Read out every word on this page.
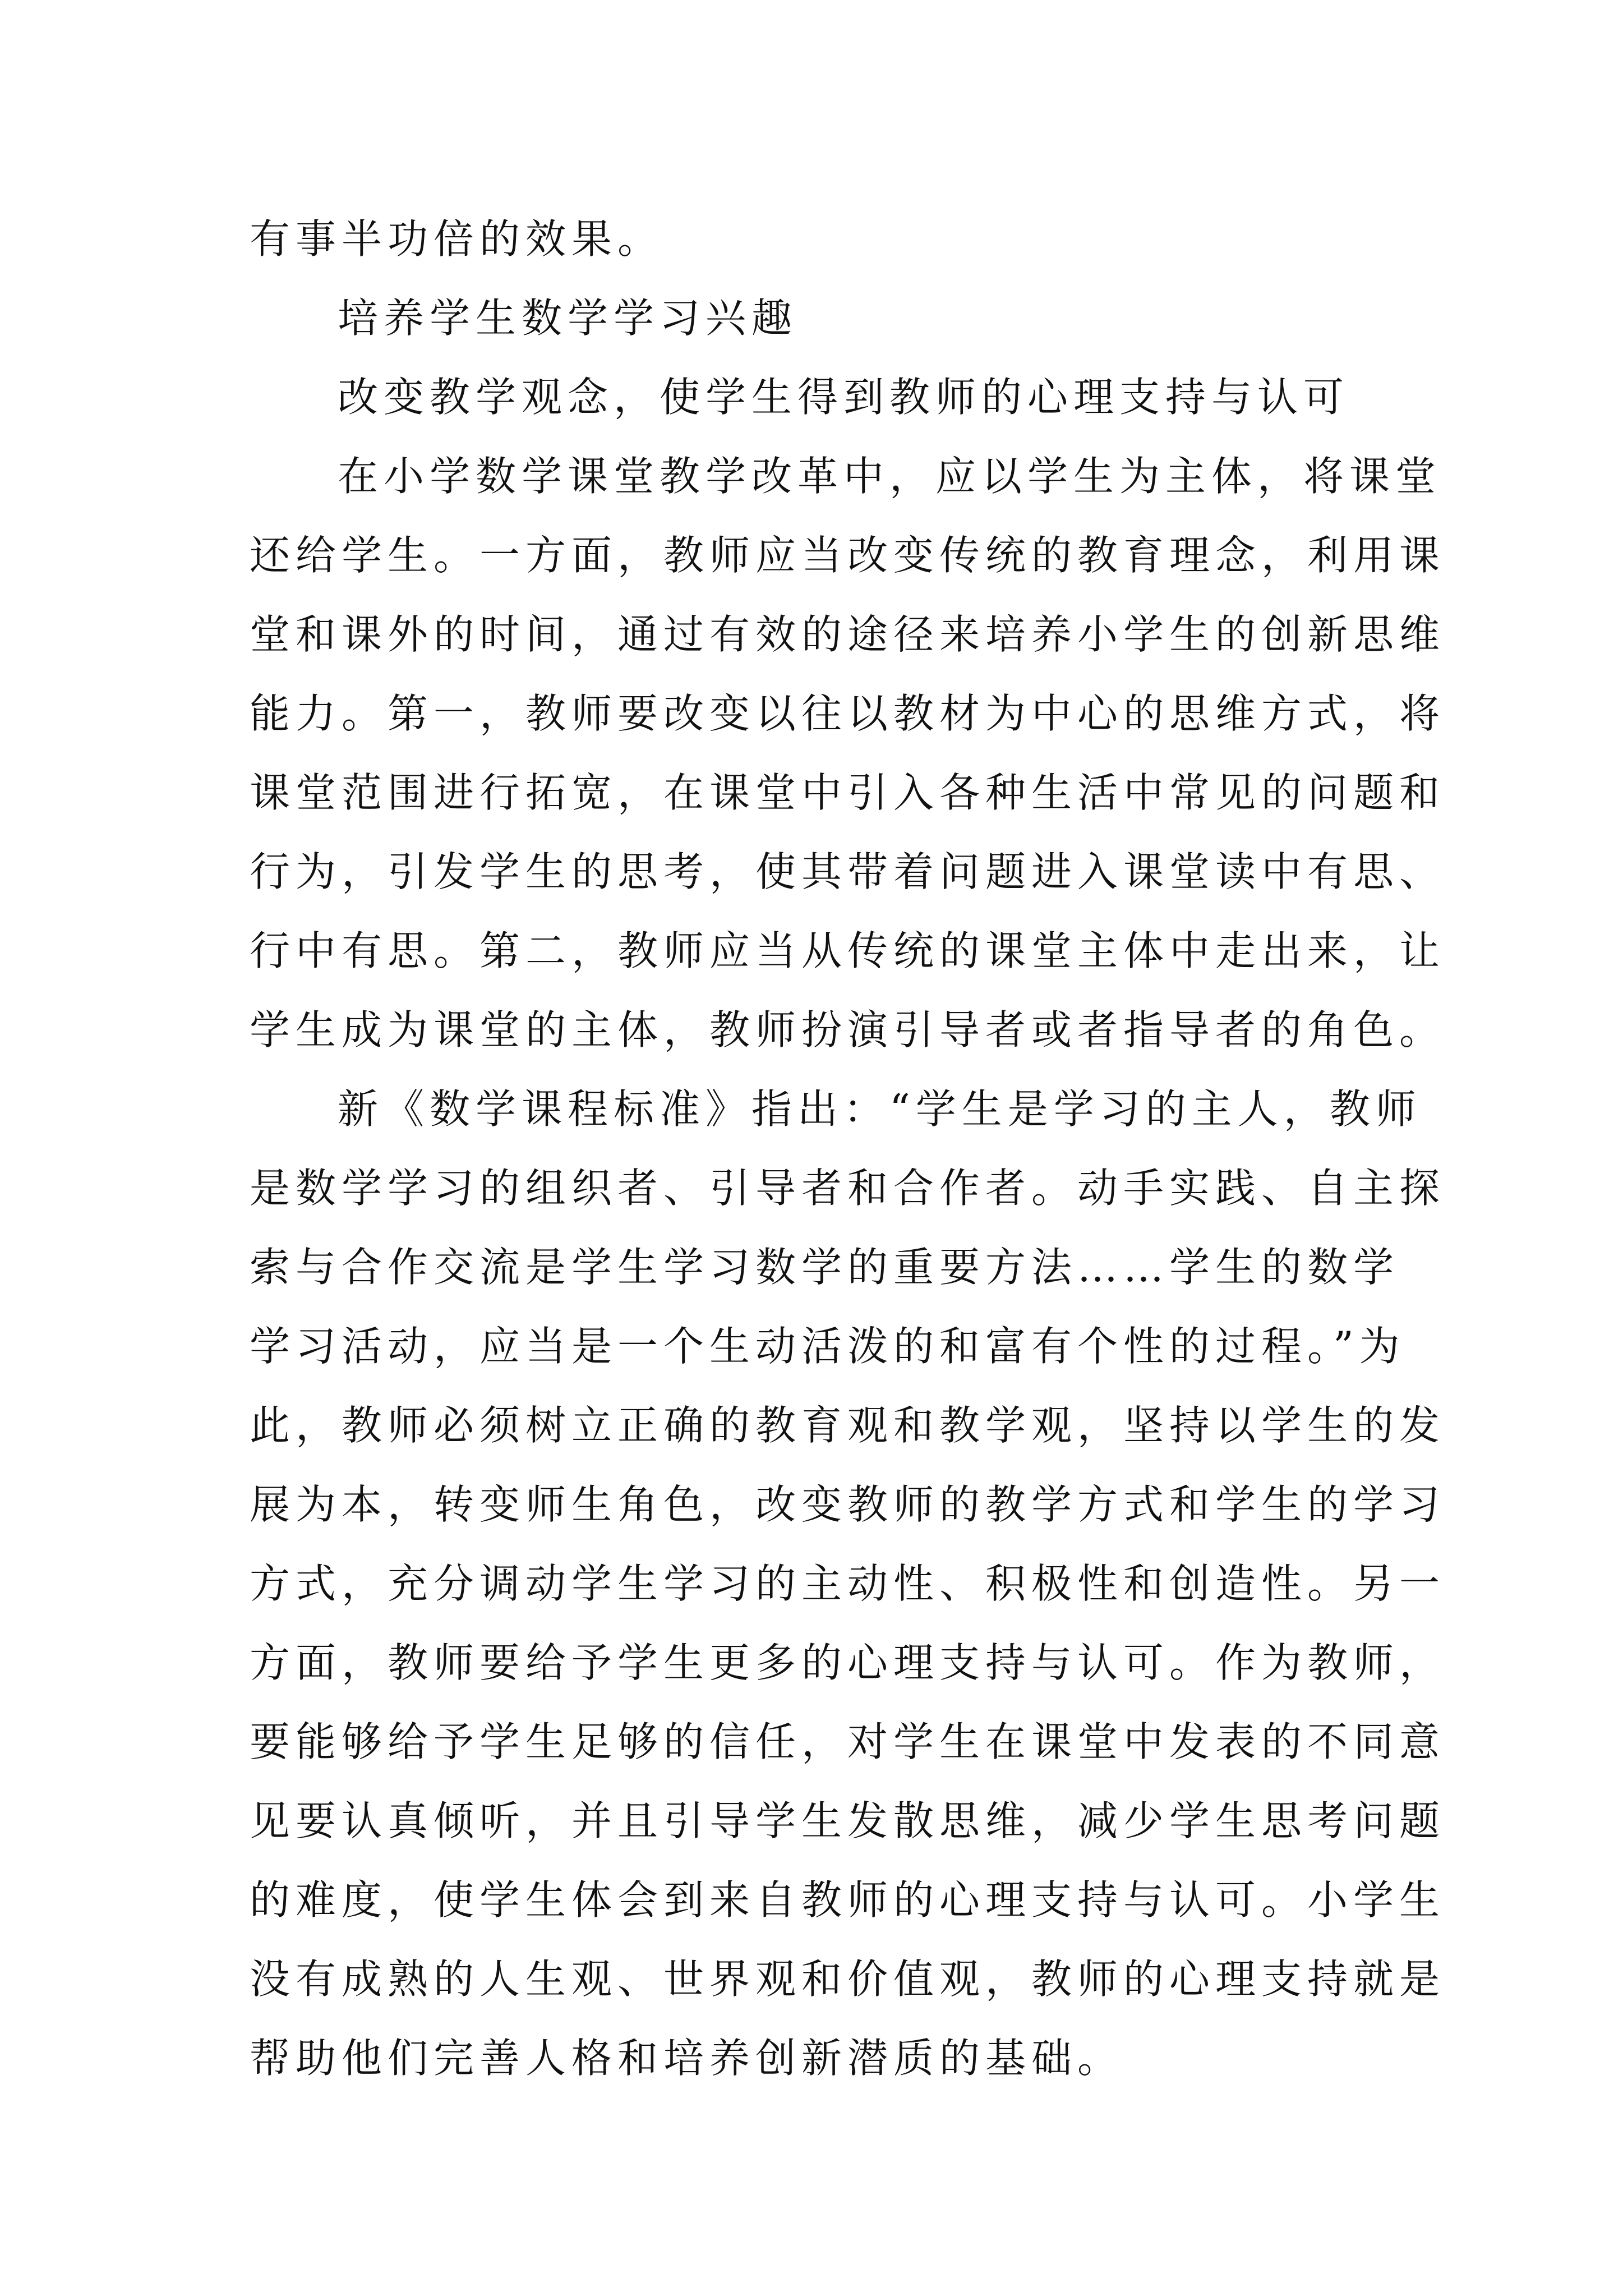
有事半功倍的效果。
培养学生数学学习兴趣
改变教学观念，使学生得到教师的心理支持与认可
在小学数学课堂教学改革中，应以学生为主体，将课堂
还给学生。一方面，教师应当改变传统的教育理念，利用课
堂和课外的时间，通过有效的途径来培养小学生的创新思维
能力。第一，教师要改变以往以教材为中心的思维方式，将
课堂范围进行拓宽，在课堂中引入各种生活中常见的问题和
行为，引发学生的思考，使其带着问题进入课堂读中有思、
行中有思。第二，教师应当从传统的课堂主体中走出来，让
学生成为课堂的主体，教师扮演引导者或者指导者的角色。
新《数学课程标准》指出：“学生是学习的主人，教师
是数学学习的组织者、引导者和合作者。动手实践、自主探
索与合作交流是学生学习数学的重要方法……学生的数学
学习活动，应当是一个生动活泼的和富有个性的过程。”为
此，教师必须树立正确的教育观和教学观，坚持以学生的发
展为本，转变师生角色，改变教师的教学方式和学生的学习
方式，充分调动学生学习的主动性、积极性和创造性。另一
方面，教师要给予学生更多的心理支持与认可。作为教师，
要能够给予学生足够的信任，对学生在课堂中发表的不同意
见要认真倾听，并且引导学生发散思维，减少学生思考问题
的难度，使学生体会到来自教师的心理支持与认可。小学生
没有成熟的人生观、世界观和价值观，教师的心理支持就是
帮助他们完善人格和培养创新潜质的基础。
